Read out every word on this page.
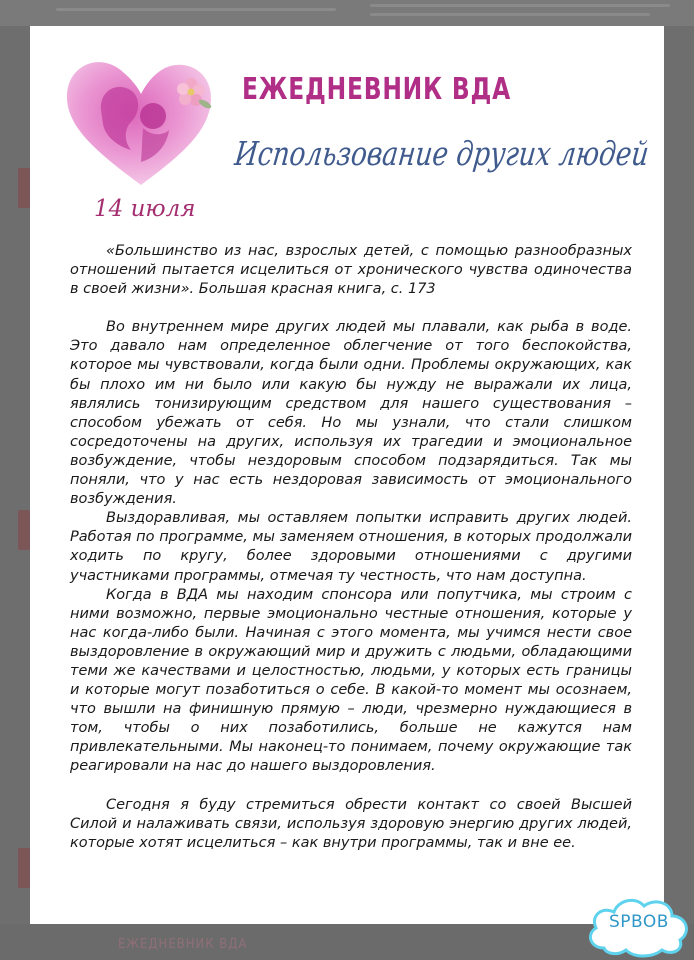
ЕЖЕДНЕВНИК ВДА
ЕЖЕДНЕВНИК ВДА
Использование других людей
14 июля

«Большинство из нас, взрослых детей, с помощью разнообразных отношений пытается исцелиться от хронического чувства одиночества в своей жизни». Большая красная книга, с. 173

Во внутреннем мире других людей мы плавали, как рыба в воде. Это давало нам определенное облегчение от того беспокойства, которое мы чувствовали, когда были одни. Проблемы окружающих, как бы плохо им ни было или какую бы нужду не выражали их лица, являлись тонизирующим средством для нашего существования – способом убежать от себя. Но мы узнали, что стали слишком сосредоточены на других, используя их трагедии и эмоциональное возбуждение, чтобы нездоровым способом подзарядиться. Так мы поняли, что у нас есть нездоровая зависимость от эмоционального возбуждения.

Выздоравливая, мы оставляем попытки исправить других людей. Работая по программе, мы заменяем отношения, в которых продолжали ходить по кругу, более здоровыми отношениями с другими участниками программы, отмечая ту честность, что нам доступна.

Когда в ВДА мы находим спонсора или попутчика, мы строим с ними возможно, первые эмоционально честные отношения, которые у нас когда-либо были. Начиная с этого момента, мы учимся нести свое выздоровление в окружающий мир и дружить с людьми, обладающими теми же качествами и целостностью, людьми, у которых есть границы и которые могут позаботиться о себе. В какой-то момент мы осознаем, что вышли на финишную прямую – люди, чрезмерно нуждающиеся в том, чтобы о них позаботились, больше не кажутся нам привлекательными. Мы наконец-то понимаем, почему окружающие так реагировали на нас до нашего выздоровления.

Сегодня я буду стремиться обрести контакт со своей Высшей Силой и налаживать связи, используя здоровую энергию других людей, которые хотят исцелиться – как внутри программы, так и вне ее.

SPBOB
